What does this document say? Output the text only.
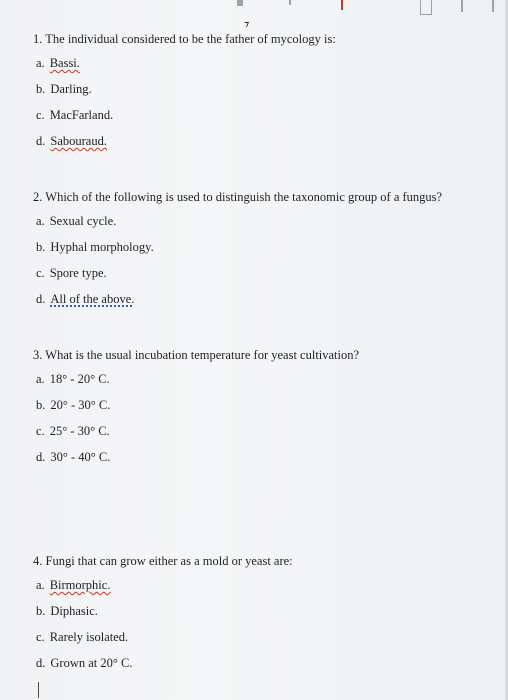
1. The individual considered to be the father of mycology is:

a. Bassi.

b. Darling.

c. MacFarland.

d. Sabouraud.

2. Which of the following is used to distinguish the taxonomic group of a fungus?

a. Sexual cycle.

b. Hyphal morphology.

c. Spore type.

d. All of the above.

3. What is the usual incubation temperature for yeast cultivation?

a. 18° - 20° C.

b. 20° - 30° C.

c. 25° - 30° C.

d. 30° - 40° C.

4. Fungi that can grow either as a mold or yeast are:

a. Birmorphic.

b. Diphasic.

c. Rarely isolated.

d. Grown at 20° C.
